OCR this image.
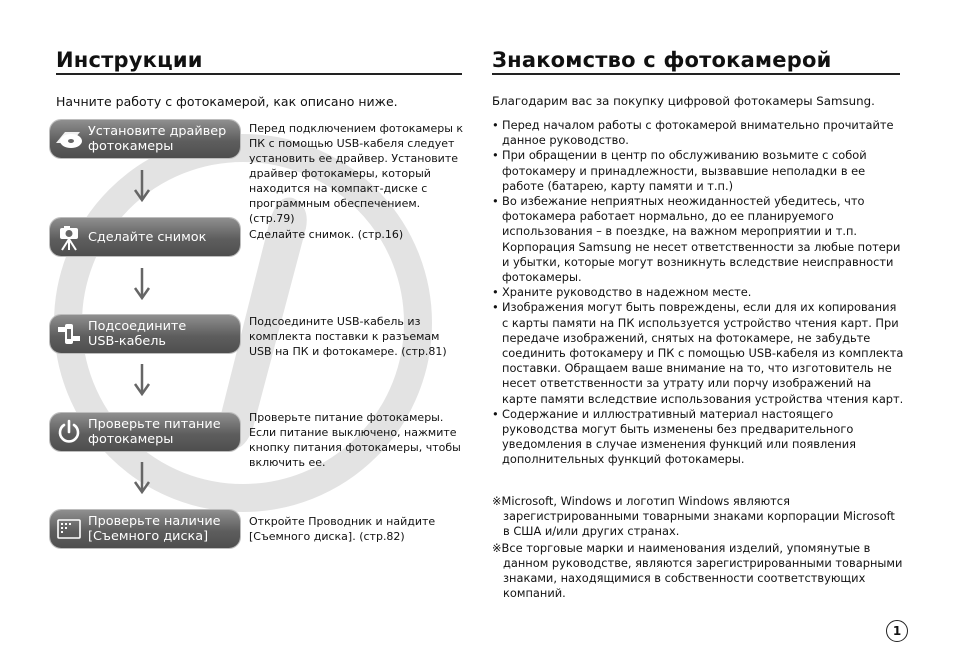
Инструкции
Начните работу с фотокамерой, как описано ниже.
Установите драйвер
фотокамеры
Перед подключением фотокамеры к ПК с помощью USB-кабеля следует установить ее драйвер. Установите драйвер фотокамеры, который находится на компакт-диске с программным обеспечением. (стр.79)
Сделайте снимок	Сделайте снимок. (стр.16)
Подсоедините
USB-кабель
Подсоедините USB-кабель из комплекта поставки к разъемам USB на ПК и фотокамере. (стр.81)
Проверьте питание
фотокамеры
Проверьте питание фотокамеры. Если питание выключено, нажмите кнопку питания фотокамеры, чтобы включить ее.
Проверьте наличие
[Съемного диска]
Откройте Проводник и найдите [Съемного диска]. (стр.82)
Знакомство с фотокамерой
Благодарим вас за покупку цифровой фотокамеры Samsung.
• Перед началом работы с фотокамерой внимательно прочитайте данное руководство.
• При обращении в центр по обслуживанию возьмите с собой фотокамеру и принадлежности, вызвавшие неполадки в ее работе (батарею, карту памяти и т.п.)
• Во избежание неприятных неожиданностей убедитесь, что фотокамера работает нормально, до ее планируемого использования – в поездке, на важном мероприятии и т.п. Корпорация Samsung не несет ответственности за любые потери и убытки, которые могут возникнуть вследствие неисправности фотокамеры.
• Храните руководство в надежном месте.
• Изображения могут быть повреждены, если для их копирования с карты памяти на ПК используется устройство чтения карт. При передаче изображений, снятых на фотокамере, не забудьте соединить фотокамеру и ПК с помощью USB-кабеля из комплекта поставки. Обращаем ваше внимание на то, что изготовитель не несет ответственности за утрату или порчу изображений на карте памяти вследствие использования устройства чтения карт.
• Содержание и иллюстративный материал настоящего руководства могут быть изменены без предварительного уведомления в случае изменения функций или появления дополнительных функций фотокамеры.

※Microsoft, Windows и логотип Windows являются зарегистрированными товарными знаками корпорации Microsoft в США и/или других странах.

※Все торговые марки и наименования изделий, упомянутые в данном руководстве, являются зарегистрированными товарными знаками, находящимися в собственности соответствующих компаний.

1
